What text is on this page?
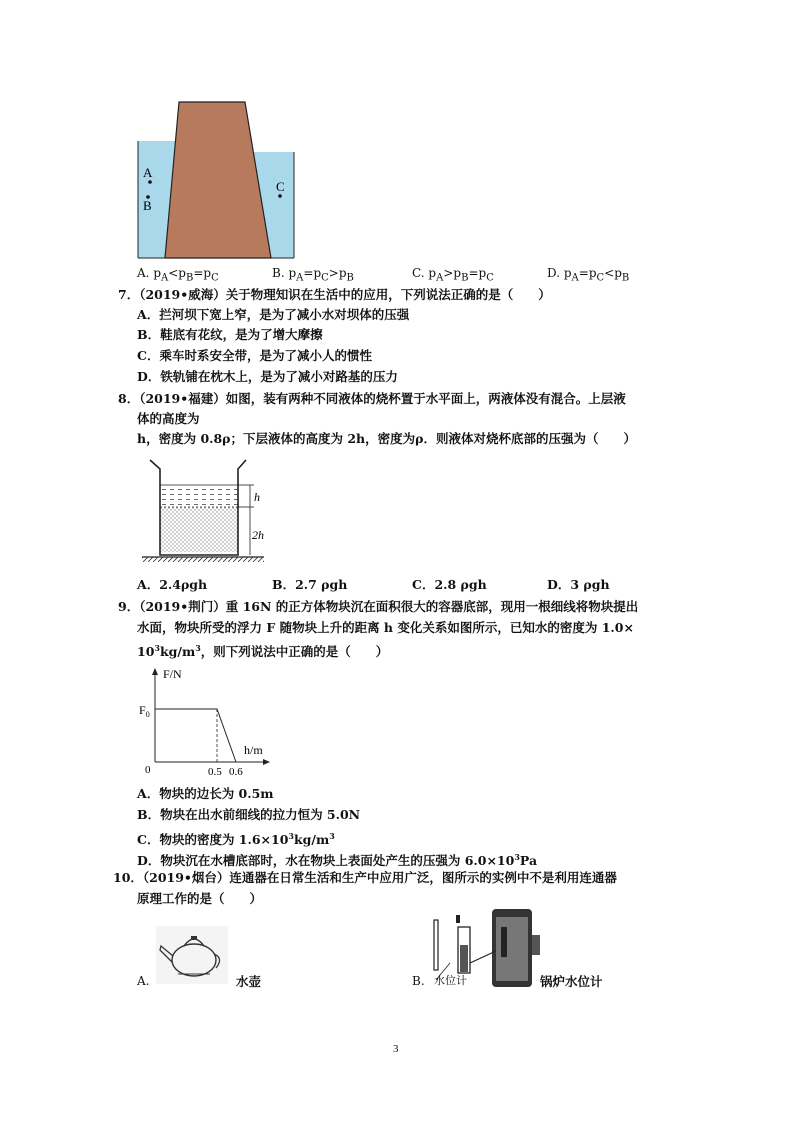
A
B
C
A. $p_A<p_B=p_C$	B. $p_A=p_C>p_B$	C. $p_A>p_B=p_C$	D. $p_A=p_C<p_B$
7．（2019•威海）关于物理知识在生活中的应用，下列说法正确的是（　　）
A．拦河坝下宽上窄，是为了减小水对坝体的压强
B．鞋底有花纹，是为了增大摩擦
C．乘车时系安全带，是为了减小人的惯性
D．铁轨铺在枕木上，是为了减小对路基的压力
8．（2019•福建）如图，装有两种不同液体的烧杯置于水平面上，两液体没有混合。上层液
体的高度为
h，密度为 0.8ρ；下层液体的高度为 2h，密度为ρ．则液体对烧杯底部的压强为（　　）
h
2h
A．2.4ρgh	B．2.7 ρgh	C．2.8 ρgh	D．3 ρgh
9．（2019•荆门）重 16N 的正方体物块沉在面积很大的容器底部，现用一根细线将物块提出
水面，物块所受的浮力 F 随物块上升的距离 h 变化关系如图所示，已知水的密度为 1.0×
$10^3kg/m^3$，则下列说法中正确的是（　　）
F/N
h/m
$F_0$
0	0.5 0.6
A．物块的边长为 0.5m
B．物块在出水前细线的拉力恒为 5.0N
C．物块的密度为 $1.6\times 10^3kg/m^3$
D．物块沉在水槽底部时，水在物块上表面处产生的压强为 $6.0\times 10^3Pa$
10．（2019•烟台）连通器在日常生活和生产中应用广泛，图所示的实例中不是利用连通器
原理工作的是（　　）
A.	水壶	B. 水位计	锅炉水位计
3
